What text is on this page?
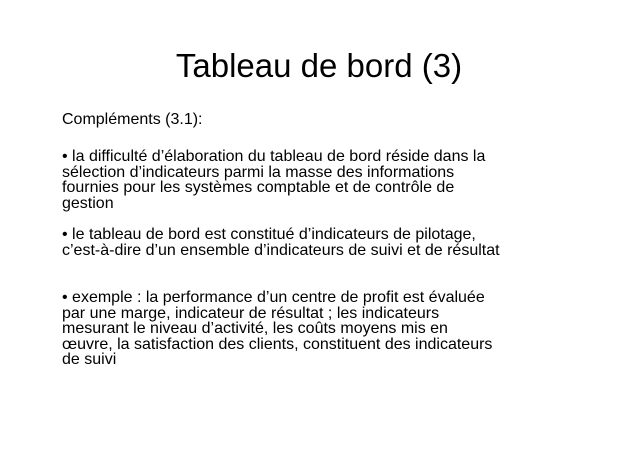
Tableau de bord (3)
Compléments (3.1):
• la difficulté d’élaboration du tableau de bord réside dans la
sélection d’indicateurs parmi la masse des informations
fournies pour les systèmes comptable et de contrôle de
gestion
• le tableau de bord est constitué d’indicateurs de pilotage,
c’est-à-dire d’un ensemble d’indicateurs de suivi et de résultat
• exemple : la performance d’un centre de profit est évaluée
par une marge, indicateur de résultat ; les indicateurs
mesurant le niveau d’activité, les coûts moyens mis en
œuvre, la satisfaction des clients, constituent des indicateurs
de suivi
